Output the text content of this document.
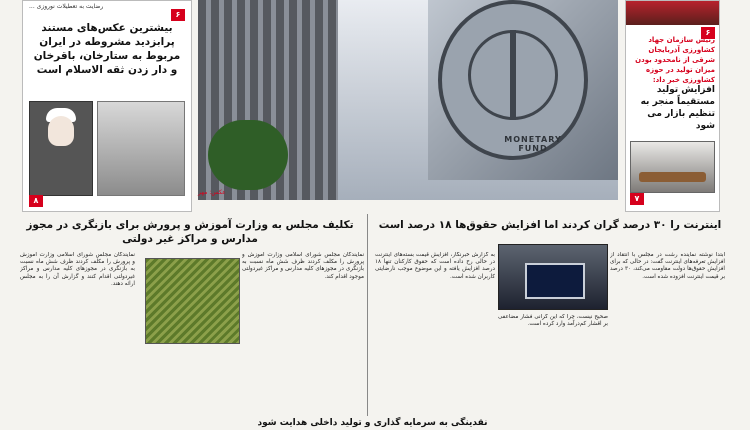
رضایت به تعطیلات نوروزی ...
۶
بیشترین عکس‌های مستند پرابزدید مشروطه در ایران مربوط به ستارخان، باقرخان و دار زدن ثقه الاسلام است
۸
MONETARY FUND
عکس: مهر
۶
رئیس سازمان جهاد کشاورزی آذربایجان شرقی از نامحدود بودن میزان تولید در حوزه کشاورزی خبر داد:
افزایش تولید مستقیماً منجر به تنظیم بازار می شود
۷
تکلیف مجلس به وزارت آموزش و پرورش برای بازنگری در مجوز مدارس و مراکز غیر دولتی
اینترنت را ۳۰ درصد گران کردند اما افزایش حقوق‌ها ۱۸ درصد است
نمایندگان مجلس شورای اسلامی وزارت آموزش و پرورش را مکلف کردند ظرف شش ماه نسبت به بازنگری در مجوزهای کلیه مدارس و مراکز غیردولتی اقدام کنند و گزارش آن را به مجلس ارائه دهند.
نمایندگان مجلس شورای اسلامی وزارت آموزش و پرورش را مکلف کردند ظرف شش ماه نسبت به بازنگری در مجوزهای کلیه مدارس و مراکز غیردولتی موجود اقدام کند.
به گزارش خبرنگار، افزایش قیمت بسته‌های اینترنت در حالی رخ داده است که حقوق کارکنان تنها ۱۸ درصد افزایش یافته و این موضوع موجب نارضایتی کاربران شده است.
صحیح نیست، چرا که این گرانی فشار مضاعفی بر اقشار کم‌درآمد وارد کرده است.
ابتدا نوشته نماینده رشت در مجلس با انتقاد از افزایش تعرفه‌های اینترنت گفت: در حالی که برای افزایش حقوق‌ها دولت مقاومت می‌کند، ۳۰ درصد بر قیمت اینترنت افزوده شده است.
نقدینگی به سرمایه گذاری و تولید داخلی هدایت شود
